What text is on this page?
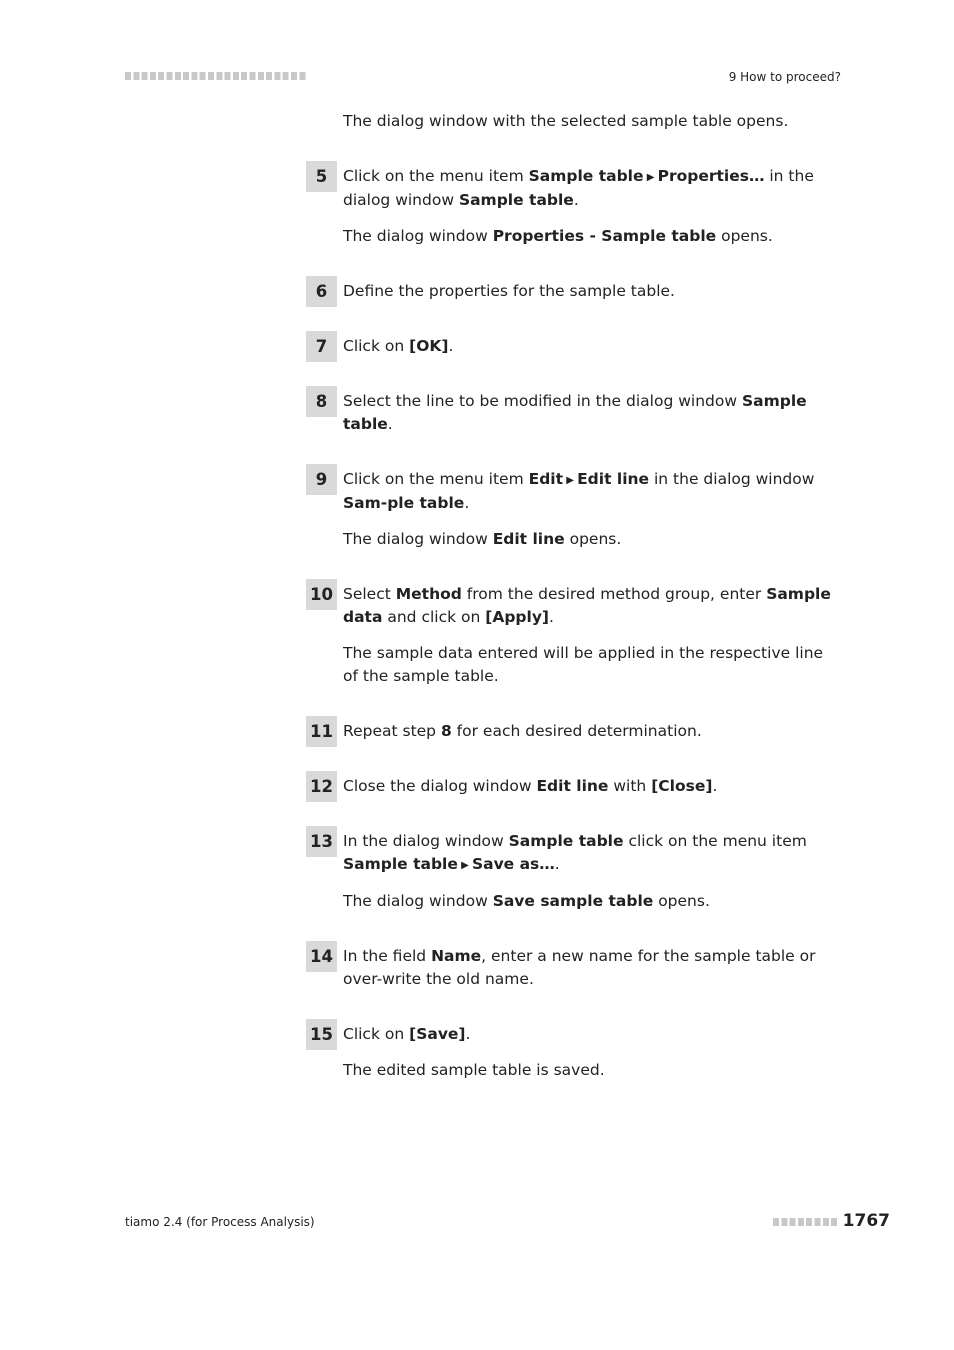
9 How to proceed?

The dialog window with the selected sample table opens.

5	Click on the menu item Sample table ▶ Properties… in the dialog window Sample table.
The dialog window Properties - Sample table opens.
6	Define the properties for the sample table.
7	Click on [OK].
8	Select the line to be modified in the dialog window Sample table.
9	Click on the menu item Edit ▶ Edit line in the dialog window Sam-ple table.
The dialog window Edit line opens.
10 Select Method from the desired method group, enter Sample data and click on [Apply].
The sample data entered will be applied in the respective line of the sample table.
11 Repeat step 8 for each desired determination.
12 Close the dialog window Edit line with [Close].
13 In the dialog window Sample table click on the menu item Sample table ▶ Save as….
The dialog window Save sample table opens.
14 In the field Name, enter a new name for the sample table or over-write the old name.
15 Click on [Save].
The edited sample table is saved.
tiamo 2.4 (for Process Analysis)	1767
